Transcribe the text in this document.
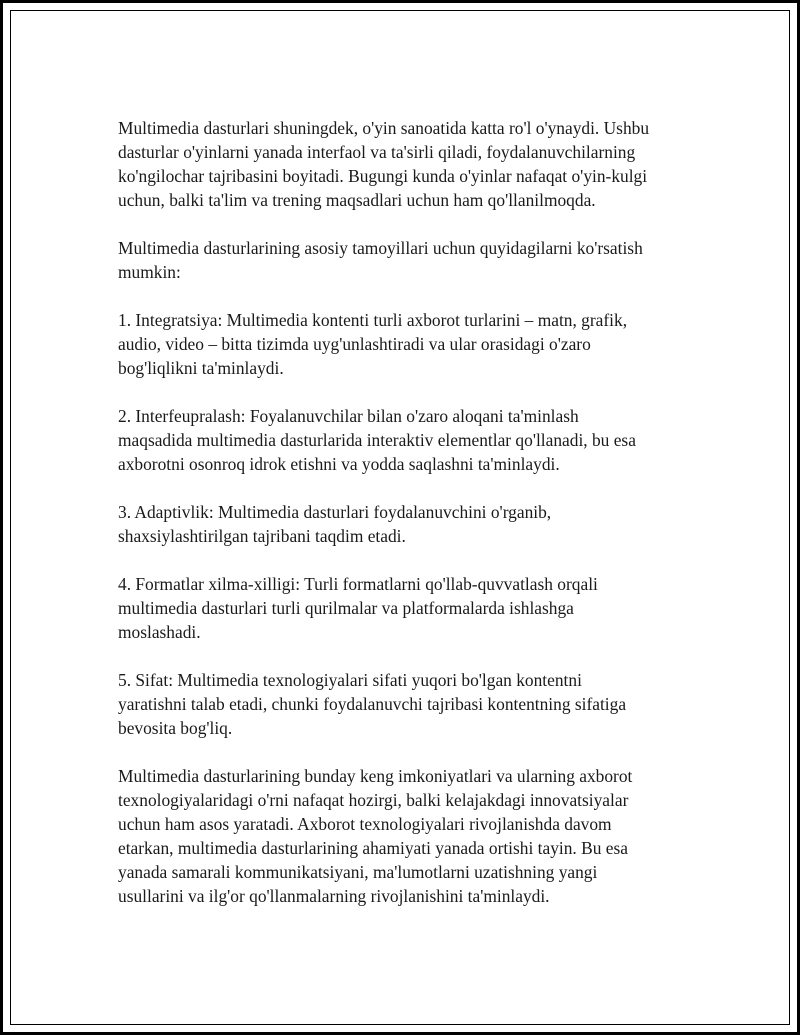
Multimedia dasturlari shuningdek, o'yin sanoatida katta ro'l o'ynaydi. Ushbu
dasturlar o'yinlarni yanada interfaol va ta'sirli qiladi, foydalanuvchilarning
ko'ngilochar tajribasini boyitadi. Bugungi kunda o'yinlar nafaqat o'yin-kulgi
uchun, balki ta'lim va trening maqsadlari uchun ham qo'llanilmoqda.

Multimedia dasturlarining asosiy tamoyillari uchun quyidagilarni ko'rsatish
mumkin:

1. Integratsiya: Multimedia kontenti turli axborot turlarini – matn, grafik,
audio, video – bitta tizimda uyg'unlashtiradi va ular orasidagi o'zaro
bog'liqlikni ta'minlaydi.

2. Interfeupralash: Foyalanuvchilar bilan o'zaro aloqani ta'minlash
maqsadida multimedia dasturlarida interaktiv elementlar qo'llanadi, bu esa
axborotni osonroq idrok etishni va yodda saqlashni ta'minlaydi.

3. Adaptivlik: Multimedia dasturlari foydalanuvchini o'rganib,
shaxsiylashtirilgan tajribani taqdim etadi.

4. Formatlar xilma-xilligi: Turli formatlarni qo'llab-quvvatlash orqali
multimedia dasturlari turli qurilmalar va platformalarda ishlashga
moslashadi.

5. Sifat: Multimedia texnologiyalari sifati yuqori bo'lgan kontentni
yaratishni talab etadi, chunki foydalanuvchi tajribasi kontentning sifatiga
bevosita bog'liq.

Multimedia dasturlarining bunday keng imkoniyatlari va ularning axborot
texnologiyalaridagi o'rni nafaqat hozirgi, balki kelajakdagi innovatsiyalar
uchun ham asos yaratadi. Axborot texnologiyalari rivojlanishda davom
etarkan, multimedia dasturlarining ahamiyati yanada ortishi tayin. Bu esa
yanada samarali kommunikatsiyani, ma'lumotlarni uzatishning yangi
usullarini va ilg'or qo'llanmalarning rivojlanishini ta'minlaydi.
